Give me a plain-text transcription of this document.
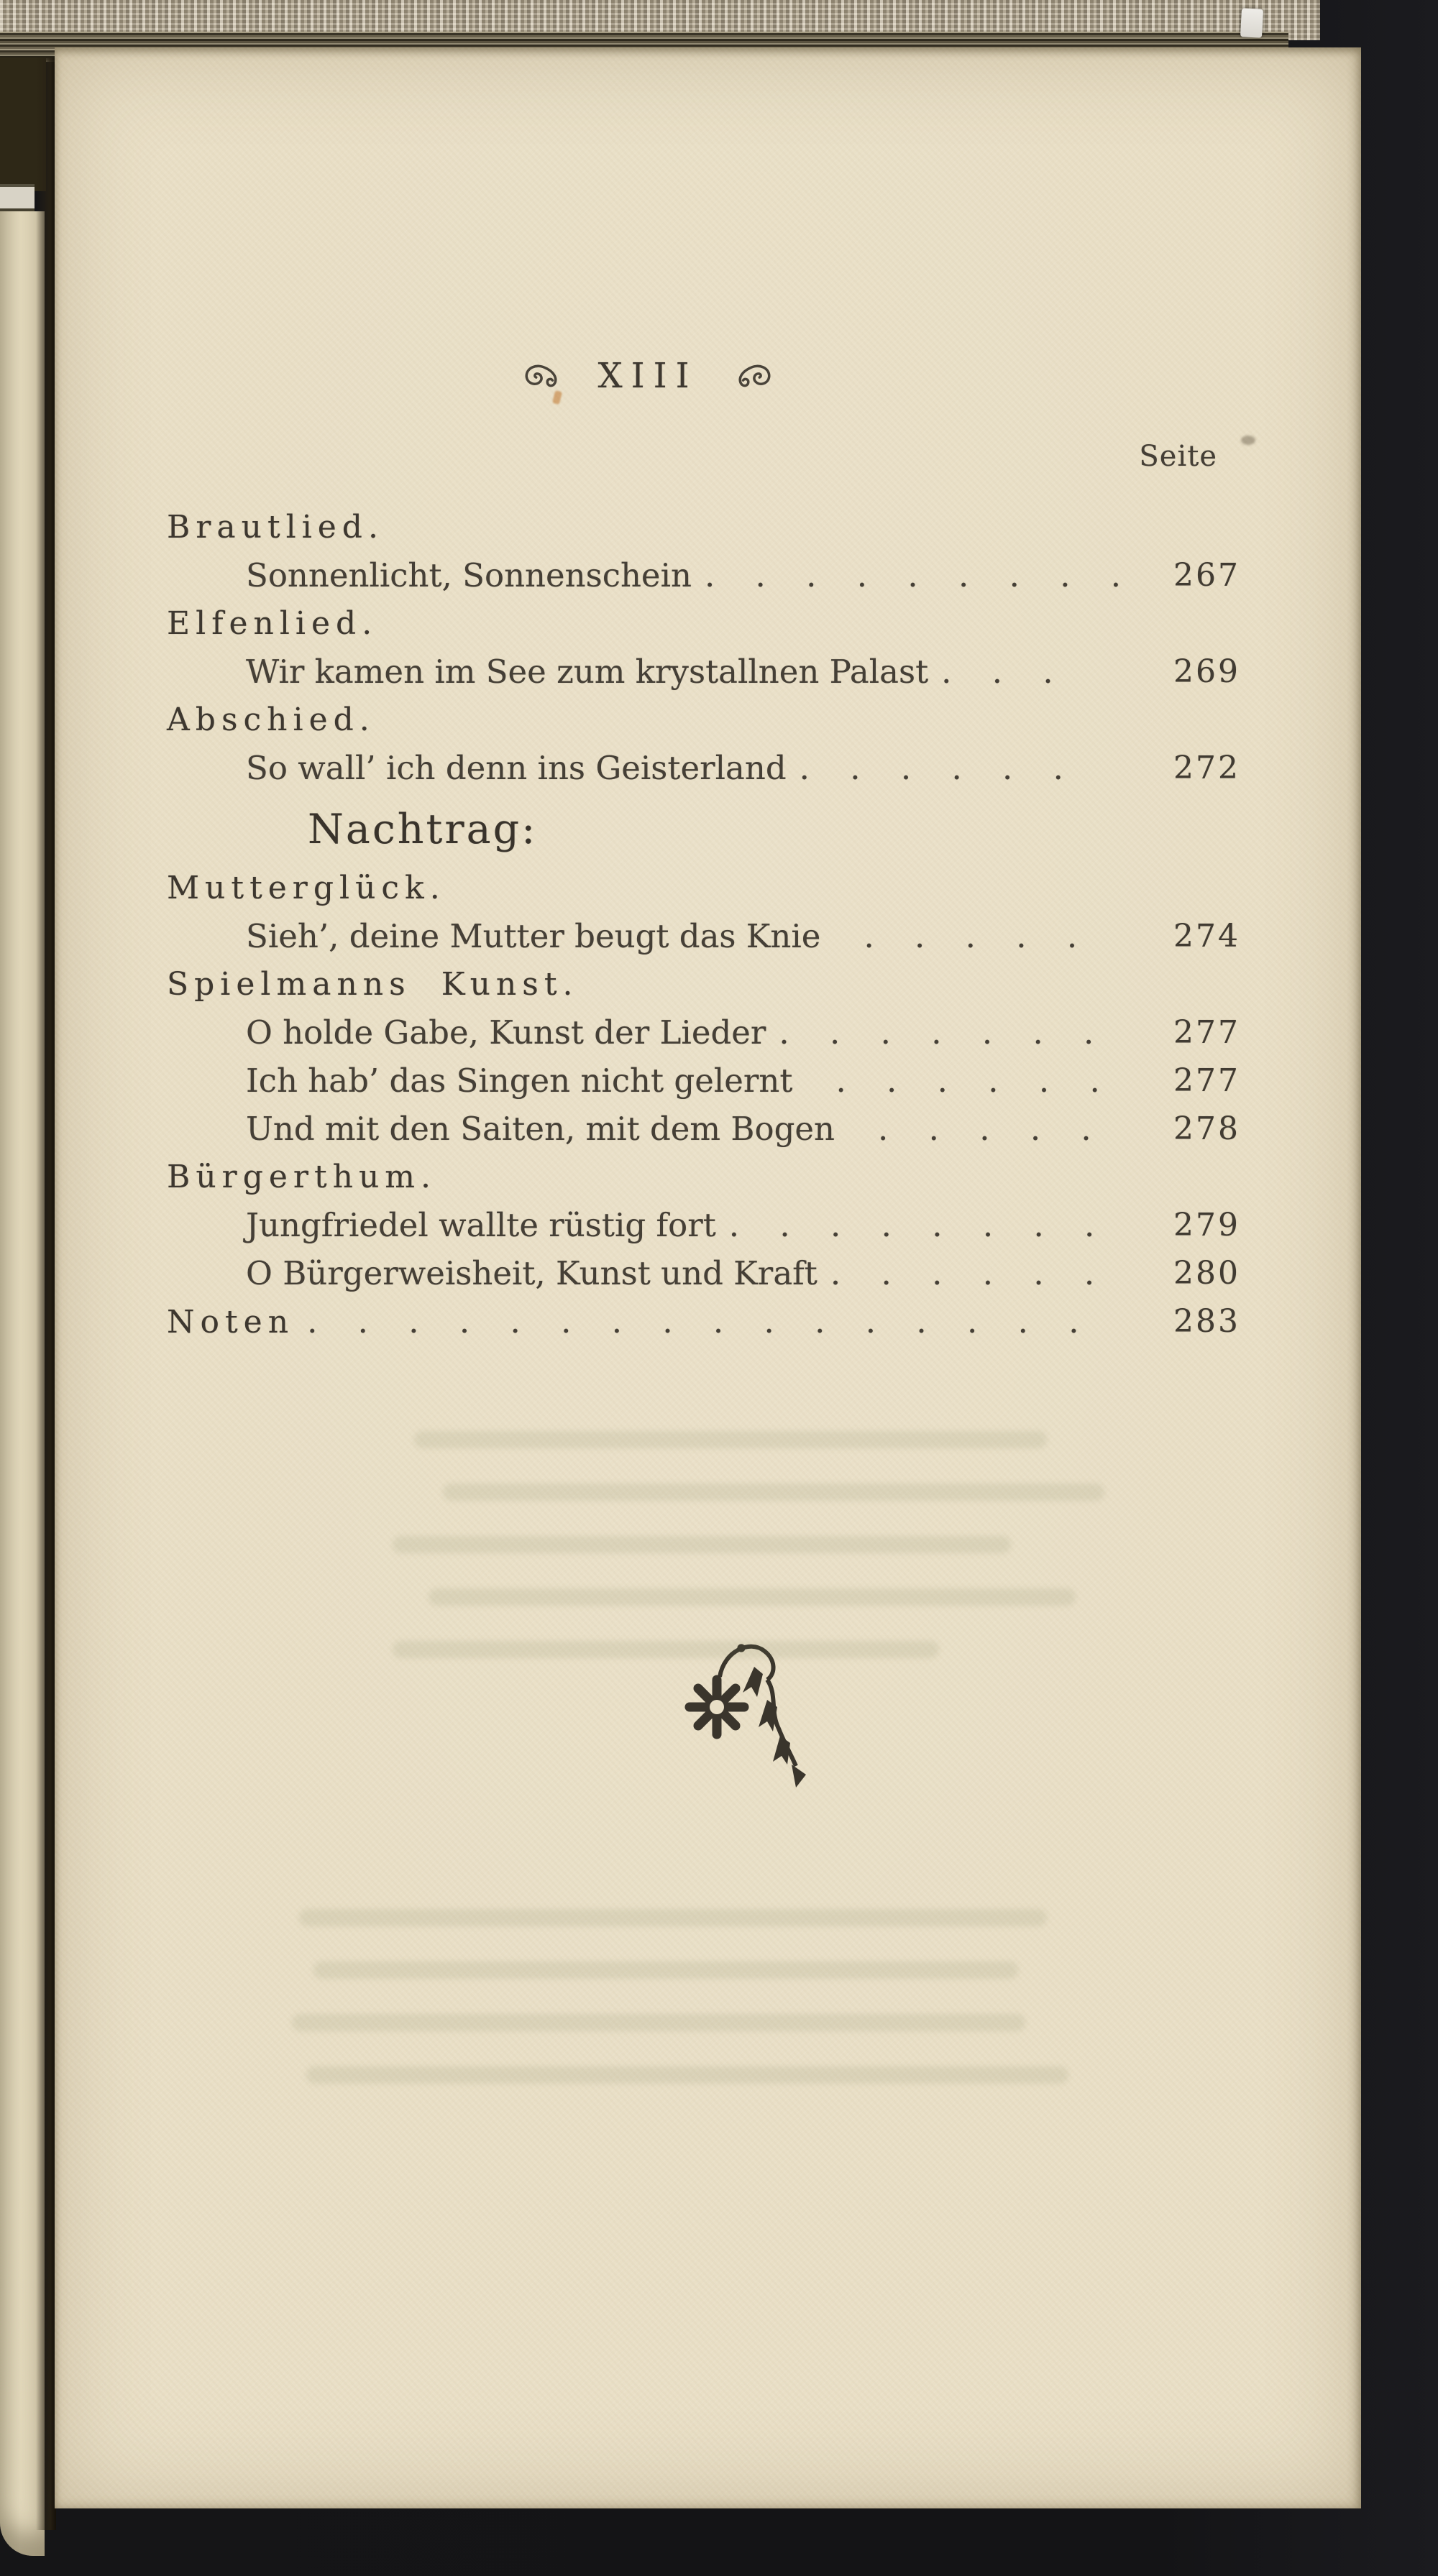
XIII
Seite
Brautlied.
Sonnenlicht, Sonnenschein . . . . . . . . . 267
Elfenlied.
Wir kamen im See zum krystallnen Palast . . .	269
Abschied.
So wall’ ich denn ins Geisterland . . . . . .	272
Nachtrag:
Mutterglück.
Sieh’, deine Mutter beugt das Knie . . . . .	274
Spielmanns Kunst.
O holde Gabe, Kunst der Lieder . . . . . . .	277
Ich hab’ das Singen nicht gelernt . . . . . . 277
Und mit den Saiten, mit dem Bogen . . . . .	278
Bürgerthum.
Jungfriedel wallte rüstig fort . . . . . . . . 279
O Bürgerweisheit, Kunst und Kraft . . . . . . 280
Noten . . . . . . . . . . . . . . . .	283
